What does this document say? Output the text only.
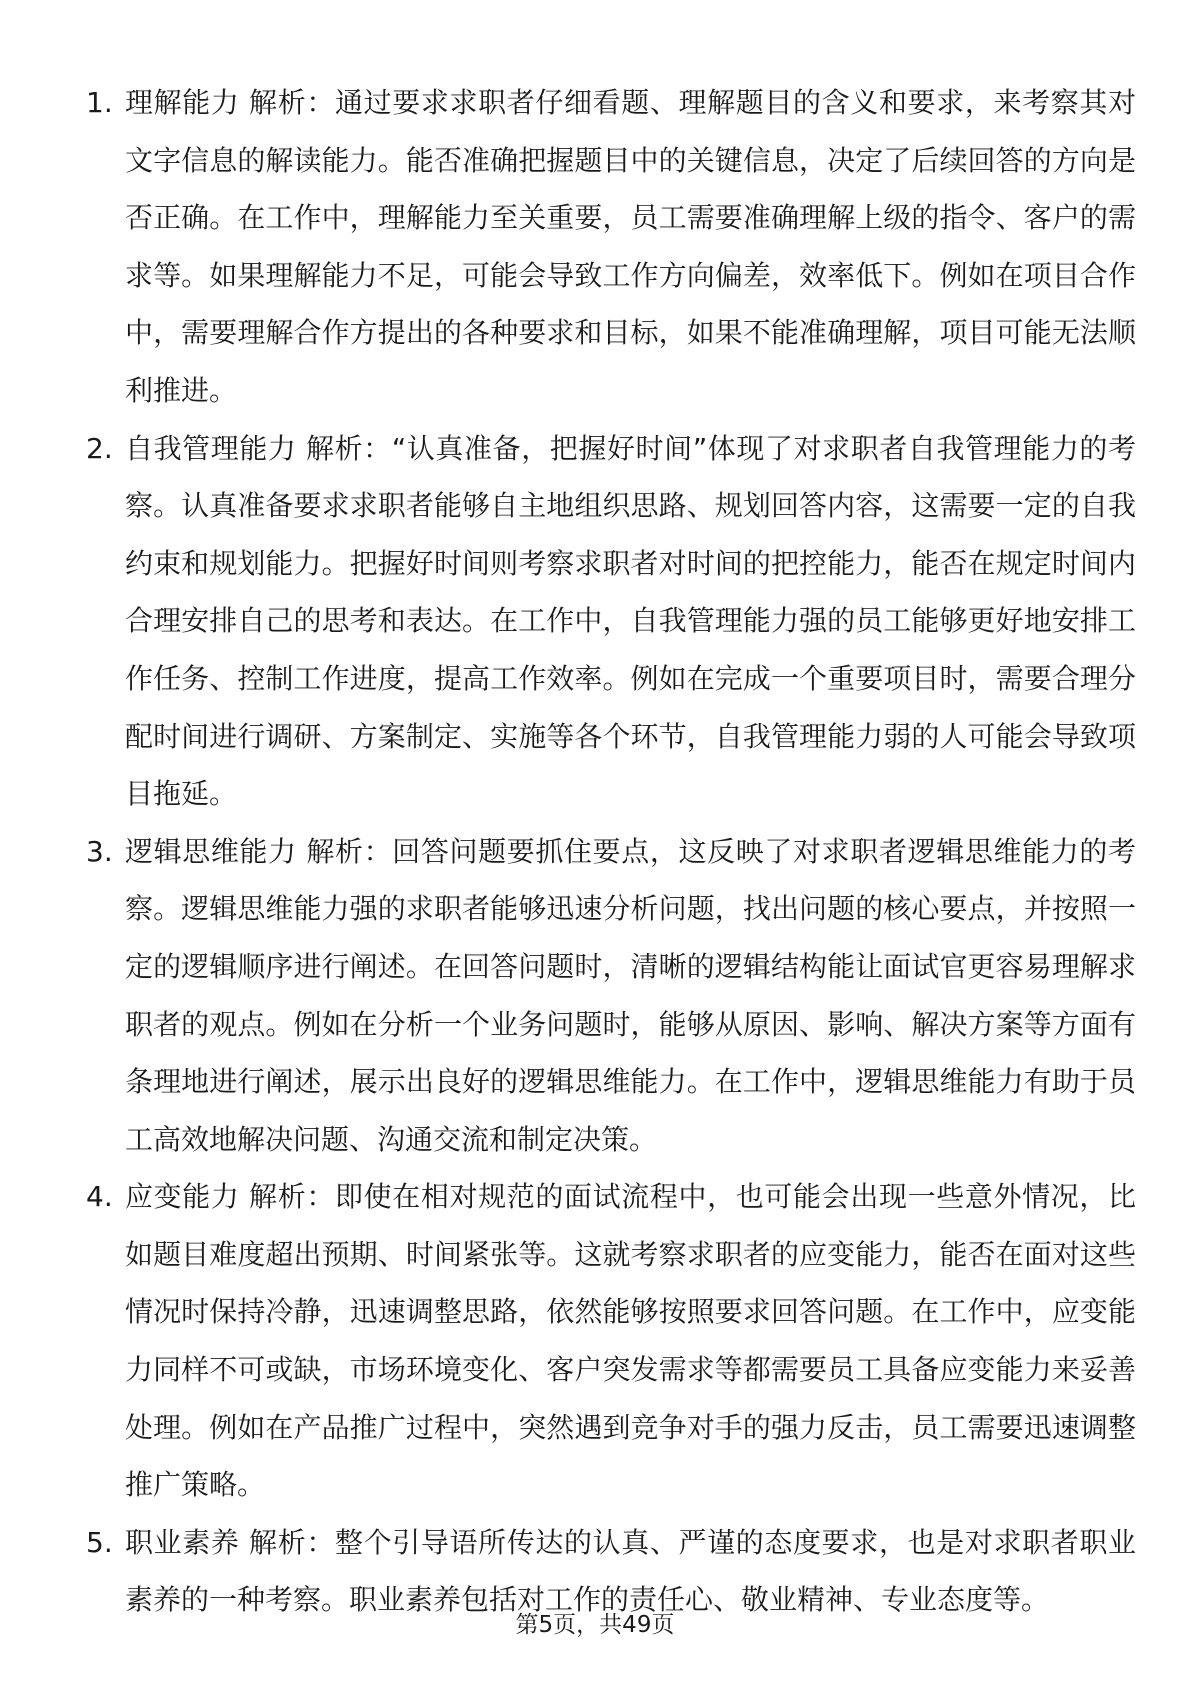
1. 理解能力 解析：通过要求求职者仔细看题、理解题目的含义和要求，来考察其对文字信息的解读能力。能否准确把握题目中的关键信息，决定了后续回答的方向是否正确。在工作中，理解能力至关重要，员工需要准确理解上级的指令、客户的需求等。如果理解能力不足，可能会导致工作方向偏差，效率低下。例如在项目合作中，需要理解合作方提出的各种要求和目标，如果不能准确理解，项目可能无法顺利推进。
2. 自我管理能力 解析：“认真准备，把握好时间”体现了对求职者自我管理能力的考察。认真准备要求求职者能够自主地组织思路、规划回答内容，这需要一定的自我约束和规划能力。把握好时间则考察求职者对时间的把控能力，能否在规定时间内合理安排自己的思考和表达。在工作中，自我管理能力强的员工能够更好地安排工作任务、控制工作进度，提高工作效率。例如在完成一个重要项目时，需要合理分配时间进行调研、方案制定、实施等各个环节，自我管理能力弱的人可能会导致项目拖延。
3. 逻辑思维能力 解析：回答问题要抓住要点，这反映了对求职者逻辑思维能力的考察。逻辑思维能力强的求职者能够迅速分析问题，找出问题的核心要点，并按照一定的逻辑顺序进行阐述。在回答问题时，清晰的逻辑结构能让面试官更容易理解求职者的观点。例如在分析一个业务问题时，能够从原因、影响、解决方案等方面有条理地进行阐述，展示出良好的逻辑思维能力。在工作中，逻辑思维能力有助于员工高效地解决问题、沟通交流和制定决策。
4. 应变能力 解析：即使在相对规范的面试流程中，也可能会出现一些意外情况，比如题目难度超出预期、时间紧张等。这就考察求职者的应变能力，能否在面对这些情况时保持冷静，迅速调整思路，依然能够按照要求回答问题。在工作中，应变能力同样不可或缺，市场环境变化、客户突发需求等都需要员工具备应变能力来妥善处理。例如在产品推广过程中，突然遇到竞争对手的强力反击，员工需要迅速调整推广策略。
5. 职业素养 解析：整个引导语所传达的认真、严谨的态度要求，也是对求职者职业素养的一种考察。职业素养包括对工作的责任心、敬业精神、专业态度等。
第5页，共49页
